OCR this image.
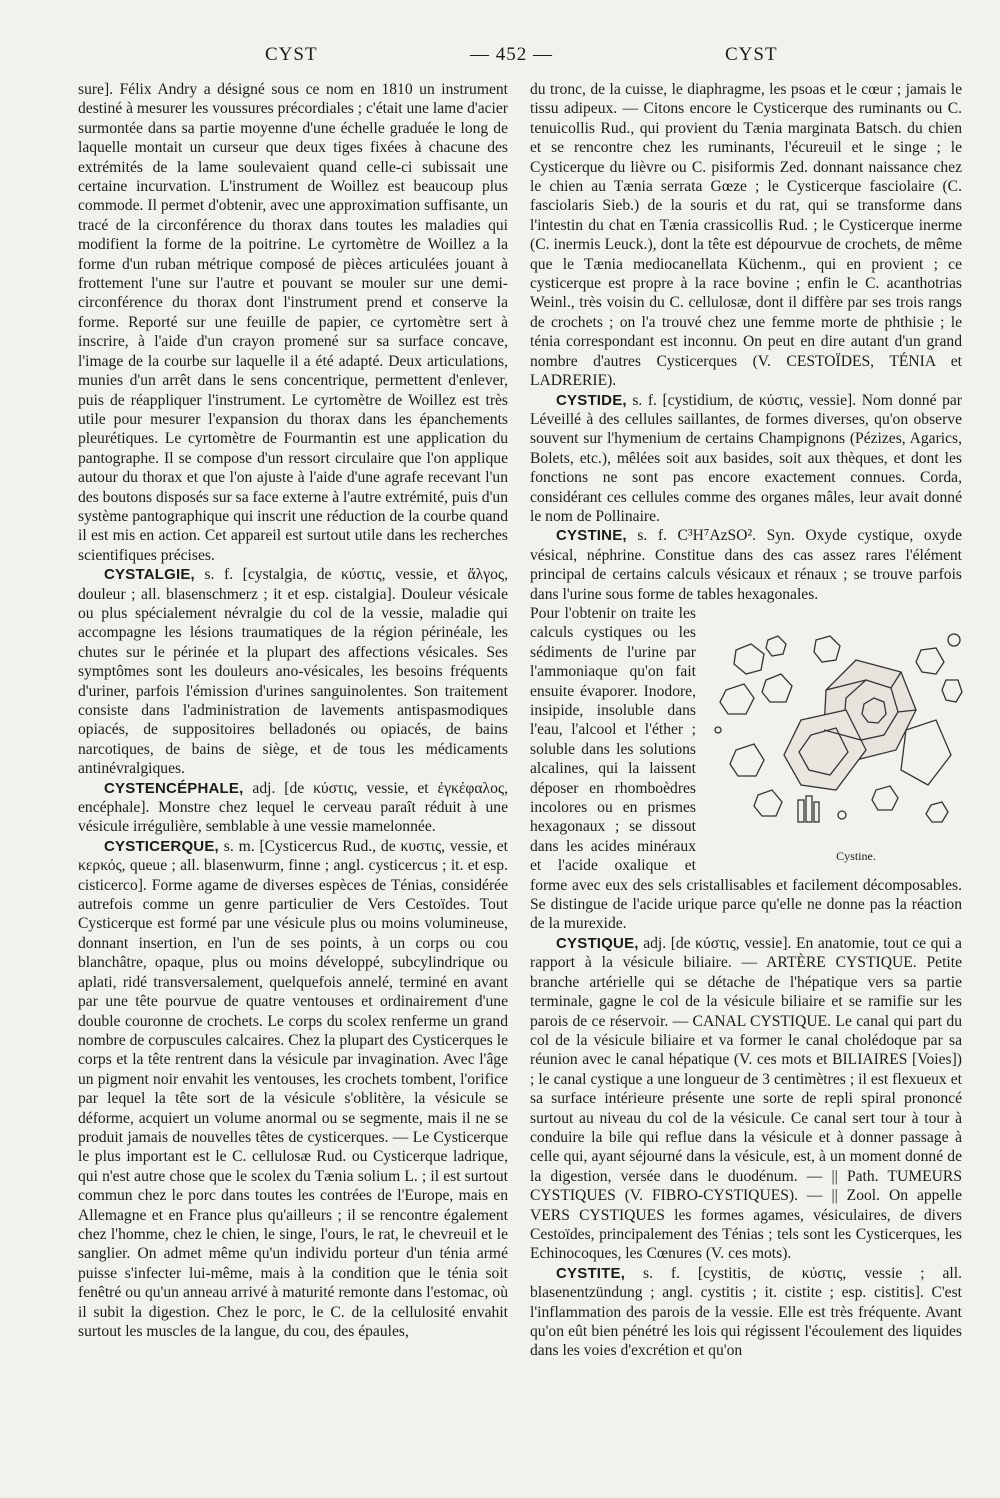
CYST	— 452 —	CYST

sure]. Félix Andry a désigné sous ce nom en 1810 un instrument destiné à mesurer les voussures précordiales ; c'était une lame d'acier surmontée dans sa partie moyenne d'une échelle graduée le long de laquelle montait un curseur que deux tiges fixées à chacune des extrémités de la lame soulevaient quand celle-ci subissait une certaine incurvation. L'instrument de Woillez est beaucoup plus commode. Il permet d'obtenir, avec une approximation suffisante, un tracé de la circonférence du thorax dans toutes les maladies qui modifient la forme de la poitrine. Le cyrtomètre de Woillez a la forme d'un ruban métrique composé de pièces articulées jouant à frottement l'une sur l'autre et pouvant se mouler sur une demi-circonférence du thorax dont l'instrument prend et conserve la forme. Reporté sur une feuille de papier, ce cyrtomètre sert à inscrire, à l'aide d'un crayon promené sur sa surface concave, l'image de la courbe sur laquelle il a été adapté. Deux articulations, munies d'un arrêt dans le sens concentrique, permettent d'enlever, puis de réappliquer l'instrument. Le cyrtomètre de Woillez est très utile pour mesurer l'expansion du thorax dans les épanchements pleurétiques. Le cyrtomètre de Fourmantin est une application du pantographe. Il se compose d'un ressort circulaire que l'on applique autour du thorax et que l'on ajuste à l'aide d'une agrafe recevant l'un des boutons disposés sur sa face externe à l'autre extrémité, puis d'un système pantographique qui inscrit une réduction de la courbe quand il est mis en action. Cet appareil est surtout utile dans les recherches scientifiques précises.

CYSTALGIE, s. f. [cystalgia, de κύστις, vessie, et ἄλγος, douleur ; all. blasenschmerz ; it et esp. cistalgia]. Douleur vésicale ou plus spécialement névralgie du col de la vessie, maladie qui accompagne les lésions traumatiques de la région périnéale, les chutes sur le périnée et la plupart des affections vésicales. Ses symptômes sont les douleurs ano-vésicales, les besoins fréquents d'uriner, parfois l'émission d'urines sanguinolentes. Son traitement consiste dans l'administration de lavements antispasmodiques opiacés, de suppositoires belladonés ou opiacés, de bains narcotiques, de bains de siège, et de tous les médicaments antinévralgiques.

CYSTENCÉPHALE, adj. [de κύστις, vessie, et ἐγκέφαλος, encéphale]. Monstre chez lequel le cerveau paraît réduit à une vésicule irrégulière, semblable à une vessie mamelonnée.

CYSTICERQUE, s. m. [Cysticercus Rud., de κυστις, vessie, et κερκός, queue ; all. blasenwurm, finne ; angl. cysticercus ; it. et esp. cisticerco]. Forme agame de diverses espèces de Ténias, considérée autrefois comme un genre particulier de Vers Cestoïdes. Tout Cysticerque est formé par une vésicule plus ou moins volumineuse, donnant insertion, en l'un de ses points, à un corps ou cou blanchâtre, opaque, plus ou moins développé, subcylindrique ou aplati, ridé transversalement, quelquefois annelé, terminé en avant par une tête pourvue de quatre ventouses et ordinairement d'une double couronne de crochets. Le corps du scolex renferme un grand nombre de corpuscules calcaires. Chez la plupart des Cysticerques le corps et la tête rentrent dans la vésicule par invagination. Avec l'âge un pigment noir envahit les ventouses, les crochets tombent, l'orifice par lequel la tête sort de la vésicule s'oblitère, la vésicule se déforme, acquiert un volume anormal ou se segmente, mais il ne se produit jamais de nouvelles têtes de cysticerques. — Le Cysticerque le plus important est le C. cellulosæ Rud. ou Cysticerque ladrique, qui n'est autre chose que le scolex du Tænia solium L. ; il est surtout commun chez le porc dans toutes les contrées de l'Europe, mais en Allemagne et en France plus qu'ailleurs ; il se rencontre également chez l'homme, chez le chien, le singe, l'ours, le rat, le chevreuil et le sanglier. On admet même qu'un individu porteur d'un ténia armé puisse s'infecter lui-même, mais à la condition que le ténia soit fenêtré ou qu'un anneau arrivé à maturité remonte dans l'estomac, où il subit la digestion. Chez le porc, le C. de la cellulosité envahit surtout les muscles de la langue, du cou, des épaules,

du tronc, de la cuisse, le diaphragme, les psoas et le cœur ; jamais le tissu adipeux. — Citons encore le Cysticerque des ruminants ou C. tenuicollis Rud., qui provient du Tænia marginata Batsch. du chien et se rencontre chez les ruminants, l'écureuil et le singe ; le Cysticerque du lièvre ou C. pisiformis Zed. donnant naissance chez le chien au Tænia serrata Gœze ; le Cysticerque fasciolaire (C. fasciolaris Sieb.) de la souris et du rat, qui se transforme dans l'intestin du chat en Tænia crassicollis Rud. ; le Cysticerque inerme (C. inermis Leuck.), dont la tête est dépourvue de crochets, de même que le Tænia mediocanellata Küchenm., qui en provient ; ce cysticerque est propre à la race bovine ; enfin le C. acanthotrias Weinl., très voisin du C. cellulosæ, dont il diffère par ses trois rangs de crochets ; on l'a trouvé chez une femme morte de phthisie ; le ténia correspondant est inconnu. On peut en dire autant d'un grand nombre d'autres Cysticerques (V. CESTOÏDES, TÉNIA et LADRERIE).

CYSTIDE, s. f. [cystidium, de κύστις, vessie]. Nom donné par Léveillé à des cellules saillantes, de formes diverses, qu'on observe souvent sur l'hymenium de certains Champignons (Pézizes, Agarics, Bolets, etc.), mêlées soit aux basides, soit aux thèques, et dont les fonctions ne sont pas encore exactement connues. Corda, considérant ces cellules comme des organes mâles, leur avait donné le nom de Pollinaire.

CYSTINE, s. f. C³H⁷AzSO². Syn. Oxyde cystique, oxyde vésical, néphrine. Constitue dans des cas assez rares l'élément principal de certains calculs vésicaux et rénaux ; se trouve parfois dans l'urine sous forme de tables hexagonales.

Cystine.

Pour l'obtenir on traite les calculs cystiques ou les sédiments de l'urine par l'ammoniaque qu'on fait ensuite évaporer. Inodore, insipide, insoluble dans l'eau, l'alcool et l'éther ; soluble dans les solutions alcalines, qui la laissent déposer en rhomboèdres incolores ou en prismes hexagonaux ; se dissout dans les acides minéraux et l'acide oxalique et forme avec eux des sels cristallisables et facilement décomposables. Se distingue de l'acide urique parce qu'elle ne donne pas la réaction de la murexide.

CYSTIQUE, adj. [de κύστις, vessie]. En anatomie, tout ce qui a rapport à la vésicule biliaire. — ARTÈRE CYSTIQUE. Petite branche artérielle qui se détache de l'hépatique vers sa partie terminale, gagne le col de la vésicule biliaire et se ramifie sur les parois de ce réservoir. — CANAL CYSTIQUE. Le canal qui part du col de la vésicule biliaire et va former le canal cholédoque par sa réunion avec le canal hépatique (V. ces mots et BILIAIRES [Voies]) ; le canal cystique a une longueur de 3 centimètres ; il est flexueux et sa surface intérieure présente une sorte de repli spiral prononcé surtout au niveau du col de la vésicule. Ce canal sert tour à tour à conduire la bile qui reflue dans la vésicule et à donner passage à celle qui, ayant séjourné dans la vésicule, est, à un moment donné de la digestion, versée dans le duodénum. — || Path. TUMEURS CYSTIQUES (V. FIBRO-CYSTIQUES). — || Zool. On appelle VERS CYSTIQUES les formes agames, vésiculaires, de divers Cestoïdes, principalement des Ténias ; tels sont les Cysticerques, les Echinocoques, les Cœnures (V. ces mots).

CYSTITE, s. f. [cystitis, de κύστις, vessie ; all. blasenentzündung ; angl. cystitis ; it. cistite ; esp. cistitis]. C'est l'inflammation des parois de la vessie. Elle est très fréquente. Avant qu'on eût bien pénétré les lois qui régissent l'écoulement des liquides dans les voies d'excrétion et qu'on
